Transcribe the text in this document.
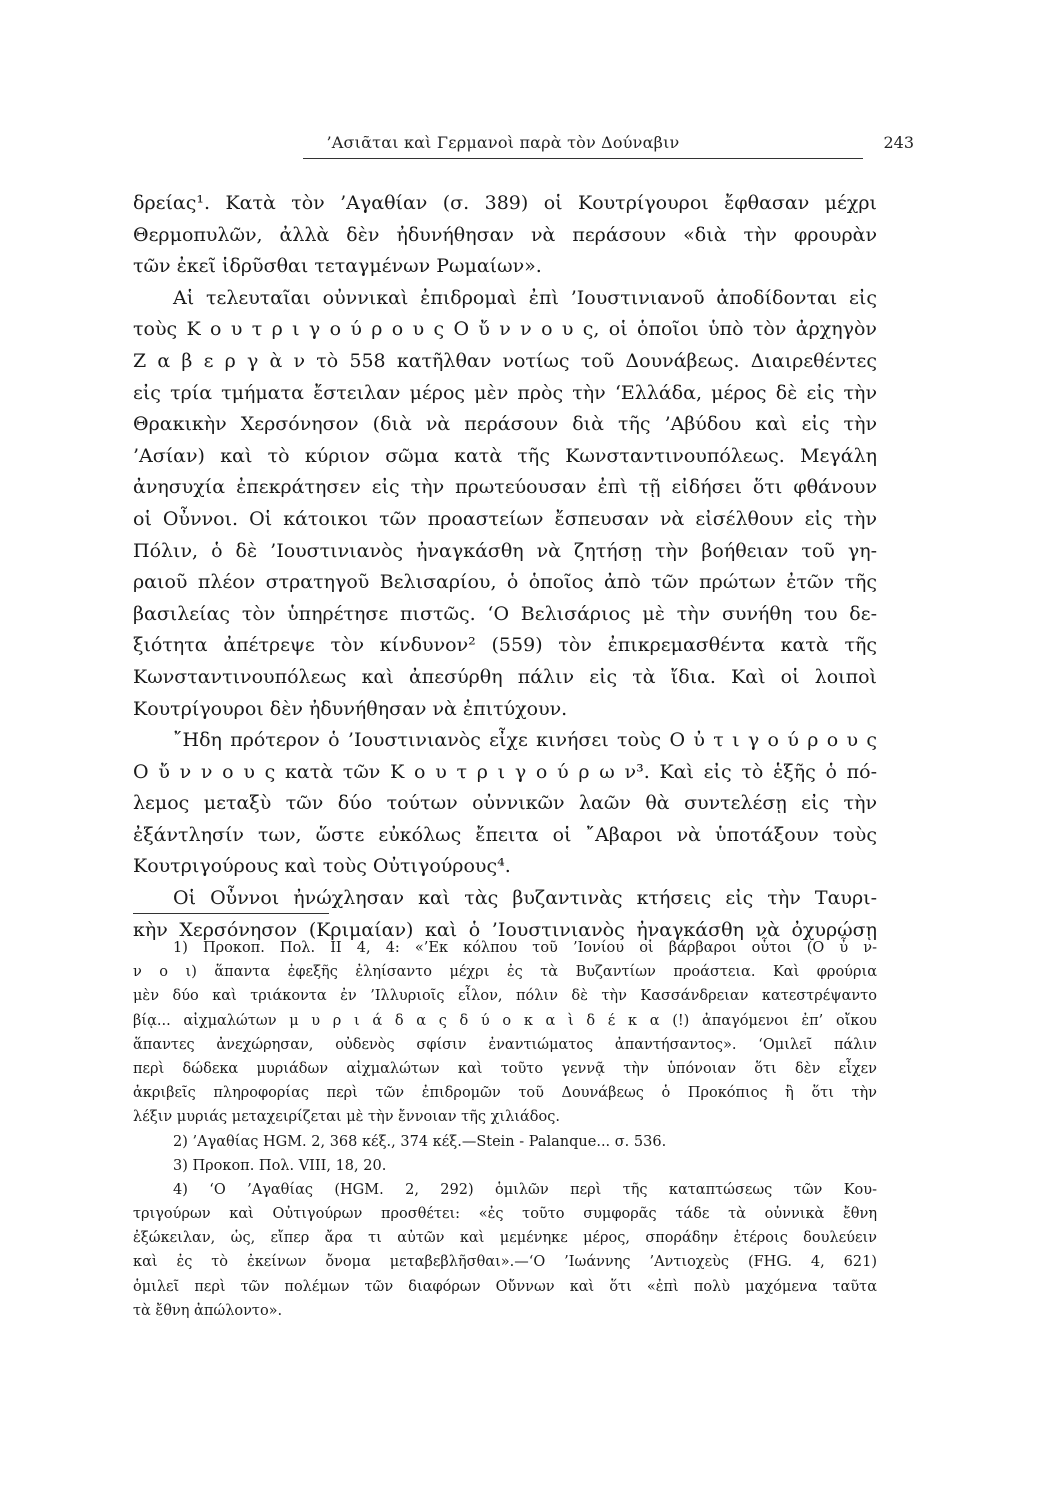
’Ασιᾶται καὶ Γερμανοὶ παρὰ τὸν Δούναβιν	243
δρείας¹. Κατὰ τὸν ’Αγαθίαν (σ. 389) οἱ Κουτρίγουροι ἔφθασαν μέχρι
Θερμοπυλῶν, ἀλλὰ δὲν ἠδυνήθησαν νὰ περάσουν «διὰ τὴν φρουρὰν
τῶν ἐκεῖ ἱδρῦσθαι τεταγμένων Ρωμαίων».
Αἱ τελευταῖαι οὐννικαὶ ἐπιδρομαὶ ἐπὶ ’Ιουστινιανοῦ ἀποδίδονται εἰς
τοὺς Κ ο υ τ ρ ι γ ο ύ ρ ο υ ς Ο ὔ ν ν ο υ ς, οἱ ὁποῖοι ὑπὸ τὸν ἀρχηγὸν
Ζ α β ε ρ γ ὰ ν τὸ 558 κατῆλθαν νοτίως τοῦ Δουνάβεως. Διαιρεθέντες
εἰς τρία τμήματα ἔστειλαν μέρος μὲν πρὸς τὴν ‘Ελλάδα, μέρος δὲ εἰς τὴν
Θρακικὴν Χερσόνησον (διὰ νὰ περάσουν διὰ τῆς ’Αβύδου καὶ εἰς τὴν
’Ασίαν) καὶ τὸ κύριον σῶμα κατὰ τῆς Κωνσταντινουπόλεως. Μεγάλη
ἀνησυχία ἐπεκράτησεν εἰς τὴν πρωτεύουσαν ἐπὶ τῇ εἰδήσει ὅτι φθάνουν
οἱ Οὖννοι. Οἱ κάτοικοι τῶν προαστείων ἔσπευσαν νὰ εἰσέλθουν εἰς τὴν
Πόλιν, ὁ δὲ ’Ιουστινιανὸς ἠναγκάσθη νὰ ζητήσῃ τὴν βοήθειαν τοῦ γη-
ραιοῦ πλέον στρατηγοῦ Βελισαρίου, ὁ ὁποῖος ἀπὸ τῶν πρώτων ἐτῶν τῆς
βασιλείας τὸν ὑπηρέτησε πιστῶς. ‘Ο Βελισάριος μὲ τὴν συνήθη του δε-
ξιότητα ἀπέτρεψε τὸν κίνδυνον² (559) τὸν ἐπικρεμασθέντα κατὰ τῆς
Κωνσταντινουπόλεως καὶ ἀπεσύρθη πάλιν εἰς τὰ ἴδια. Καὶ οἱ λοιποὶ
Κουτρίγουροι δὲν ἠδυνήθησαν νὰ ἐπιτύχουν.
῎Ηδη πρότερον ὁ ’Ιουστινιανὸς εἶχε κινήσει τοὺς Ο ὐ τ ι γ ο ύ ρ ο υ ς
Ο ὔ ν ν ο υ ς κατὰ τῶν Κ ο υ τ ρ ι γ ο ύ ρ ω ν³. Καὶ εἰς τὸ ἑξῆς ὁ πό-
λεμος μεταξὺ τῶν δύο τούτων οὐννικῶν λαῶν θὰ συντελέσῃ εἰς τὴν
ἐξάντλησίν των, ὥστε εὐκόλως ἔπειτα οἱ ῎Αβαροι νὰ ὑποτάξουν τοὺς
Κουτριγούρους καὶ τοὺς Οὐτιγούρους⁴.
Οἱ Οὖννοι ἠνώχλησαν καὶ τὰς βυζαντινὰς κτήσεις εἰς τὴν Ταυρι-
κὴν Χερσόνησον (Κριμαίαν) καὶ ὁ ’Ιουστινιανὸς ἠναγκάσθη νὰ ὀχυρώσῃ
1) Προκοπ. Πολ. ΙΙ 4, 4: «’Εκ κόλπου τοῦ ’Ιονίου οἱ βάρβαροι οὗτοι (Ο ὖ ν-
ν ο ι) ἅπαντα ἐφεξῆς ἐληίσαντο μέχρι ἐς τὰ Βυζαντίων προάστεια. Καὶ φρούρια
μὲν δύο καὶ τριάκοντα ἐν ’Ιλλυριοῖς εἷλον, πόλιν δὲ τὴν Κασσάνδρειαν κατεστρέψαντο
βίᾳ... αἰχμαλώτων μ υ ρ ι ά δ α ς δ ύ ο κ α ὶ δ έ κ α (!) ἀπαγόμενοι ἐπ’ οἴκου
ἅπαντες ἀνεχώρησαν, οὐδενὸς σφίσιν ἐναντιώματος ἀπαντήσαντος». ‘Ομιλεῖ πάλιν
περὶ δώδεκα μυριάδων αἰχμαλώτων καὶ τοῦτο γεννᾷ τὴν ὑπόνοιαν ὅτι δὲν εἶχεν
ἀκριβεῖς πληροφορίας περὶ τῶν ἐπιδρομῶν τοῦ Δουνάβεως ὁ Προκόπιος ἢ ὅτι τὴν
λέξιν μυριάς μεταχειρίζεται μὲ τὴν ἔννοιαν τῆς χιλιάδος.
2) ’Αγαθίας HGM. 2, 368 κέξ., 374 κέξ.—Stein - Palanque... σ. 536.
3) Προκοπ. Πολ. VIII, 18, 20.
4) ‘Ο ’Αγαθίας (HGM. 2, 292) ὁμιλῶν περὶ τῆς καταπτώσεως τῶν Κου-
τριγούρων καὶ Οὐτιγούρων προσθέτει: «ἐς τοῦτο συμφορᾶς τάδε τὰ οὐννικὰ ἔθνη
ἐξώκειλαν, ὡς, εἴπερ ἄρα τι αὐτῶν καὶ μεμένηκε μέρος, σποράδην ἑτέροις δουλεύειν
καὶ ἐς τὸ ἐκείνων ὄνομα μεταβεβλῆσθαι».—‘Ο ’Ιωάννης ’Αντιοχεὺς (FHG. 4, 621)
ὁμιλεῖ περὶ τῶν πολέμων τῶν διαφόρων Οὔννων καὶ ὅτι «ἐπὶ πολὺ μαχόμενα ταῦτα
τὰ ἔθνη ἀπώλοντο».
